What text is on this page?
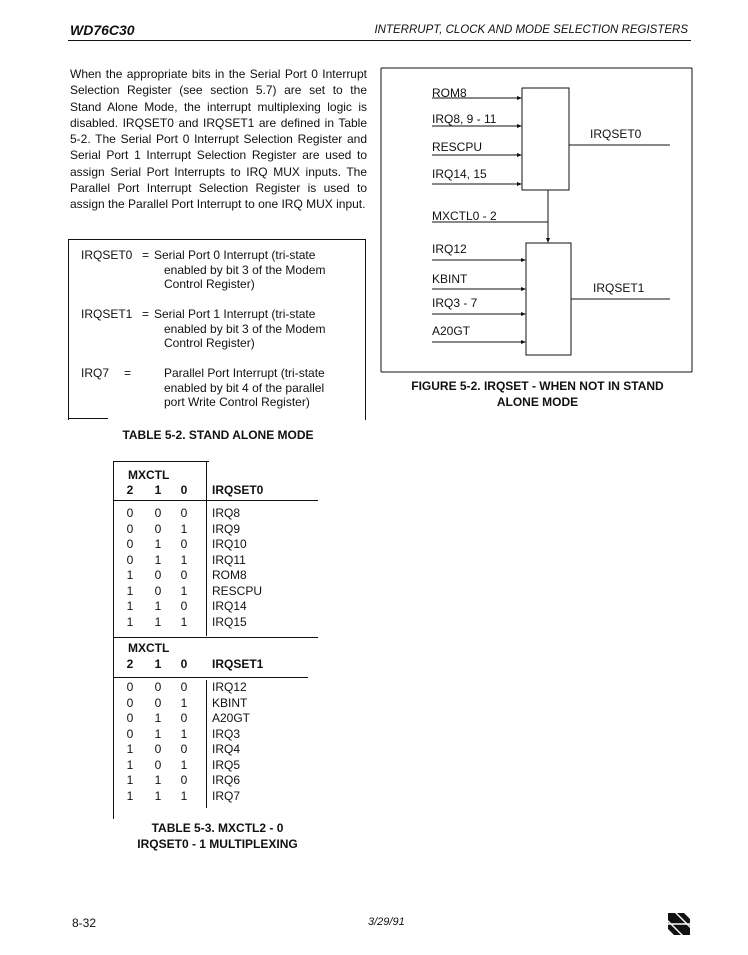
WD76C30	INTERRUPT, CLOCK AND MODE SELECTION REGISTERS
When the appropriate bits in the Serial Port 0 Interrupt Selection Register (see section 5.7) are set to the Stand Alone Mode, the interrupt multiplexing logic is disabled. IRQSET0 and IRQSET1 are defined in Table 5-2. The Serial Port 0 Interrupt Selection Register and Serial Port 1 Interrupt Selection Register are used to assign Serial Port Interrupts to IRQ MUX inputs. The Parallel Port Interrupt Selection Register is used to assign the Parallel Port Interrupt to one IRQ MUX input.
IRQSET0 = Serial Port 0 Interrupt (tri-state
enabled by bit 3 of the Modem
Control Register)
IRQSET1 = Serial Port 1 Interrupt (tri-state
enabled by bit 3 of the Modem
Control Register)
IRQ7	=	Parallel Port Interrupt (tri-state
enabled by bit 4 of the parallel
port Write Control Register)
TABLE 5-2. STAND ALONE MODE
MXCTL
2	1	0	IRQSET0
0	0	0	IRQ8
0	0	1	IRQ9
0	1	0	IRQ10
0	1	1	IRQ11
1	0	0	ROM8
1	0	1	RESCPU
1	1	0	IRQ14
1	1	1	IRQ15
MXCTL
2	1	0	IRQSET1
0	0	0	IRQ12
0	0	1	KBINT
0	1	0	A20GT
0	1	1	IRQ3
1	0	0	IRQ4
1	0	1	IRQ5
1	1	0	IRQ6
1	1	1	IRQ7
TABLE 5-3. MXCTL2 - 0
IRQSET0 - 1 MULTIPLEXING
ROM8
IRQ8, 9 - 11
RESCPU
IRQ14, 15
IRQSET0
MXCTL0 - 2
IRQ12
KBINT
IRQ3 - 7
A20GT
IRQSET1
FIGURE 5-2. IRQSET - WHEN NOT IN STAND
ALONE MODE
8-32	3/29/91
